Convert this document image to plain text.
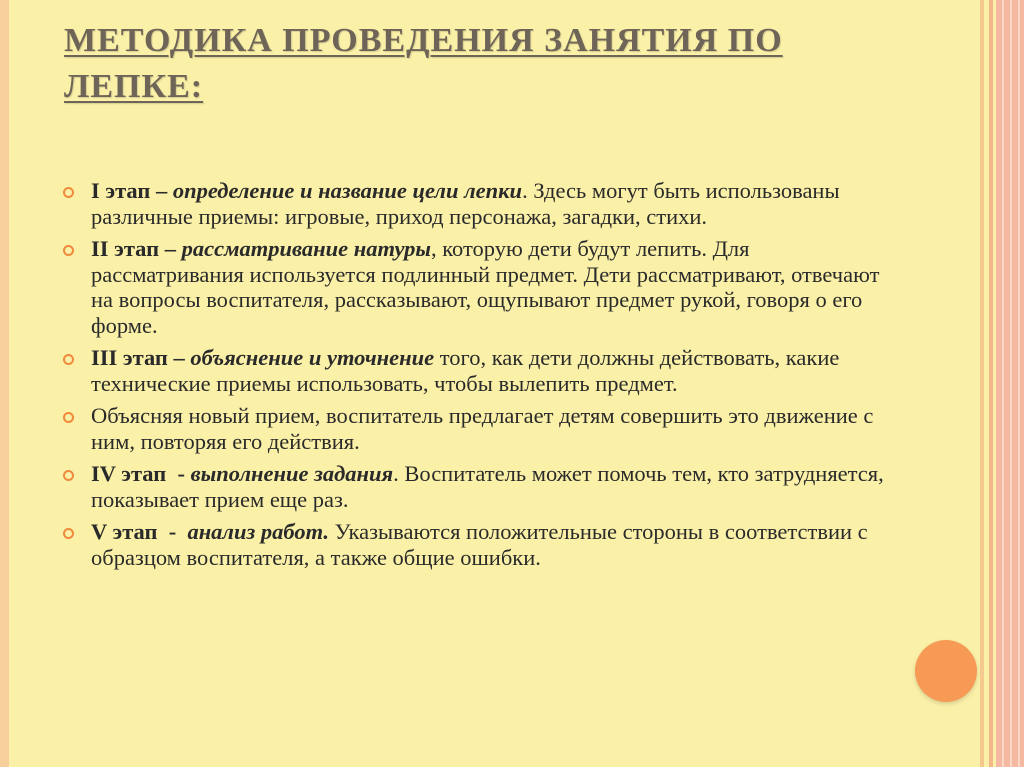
МЕТОДИКА ПРОВЕДЕНИЯ ЗАНЯТИЯ ПО
ЛЕПКЕ:
I этап – определение и название цели лепки. Здесь могут быть использованы различные приемы: игровые, приход персонажа, загадки, стихи.
II этап – рассматривание натуры, которую дети будут лепить. Для рассматривания используется подлинный предмет. Дети рассматривают, отвечают на вопросы воспитателя, рассказывают, ощупывают предмет рукой, говоря о его форме.
III этап – объяснение и уточнение того, как дети должны действовать, какие технические приемы использовать, чтобы вылепить предмет.
Объясняя новый прием, воспитатель предлагает детям совершить это движение с ним, повторяя его действия.
IV этап  - выполнение задания. Воспитатель может помочь тем, кто затрудняется, показывает прием еще раз.
V этап  -  анализ работ. Указываются положительные стороны в соответствии с образцом воспитателя, а также общие ошибки.
